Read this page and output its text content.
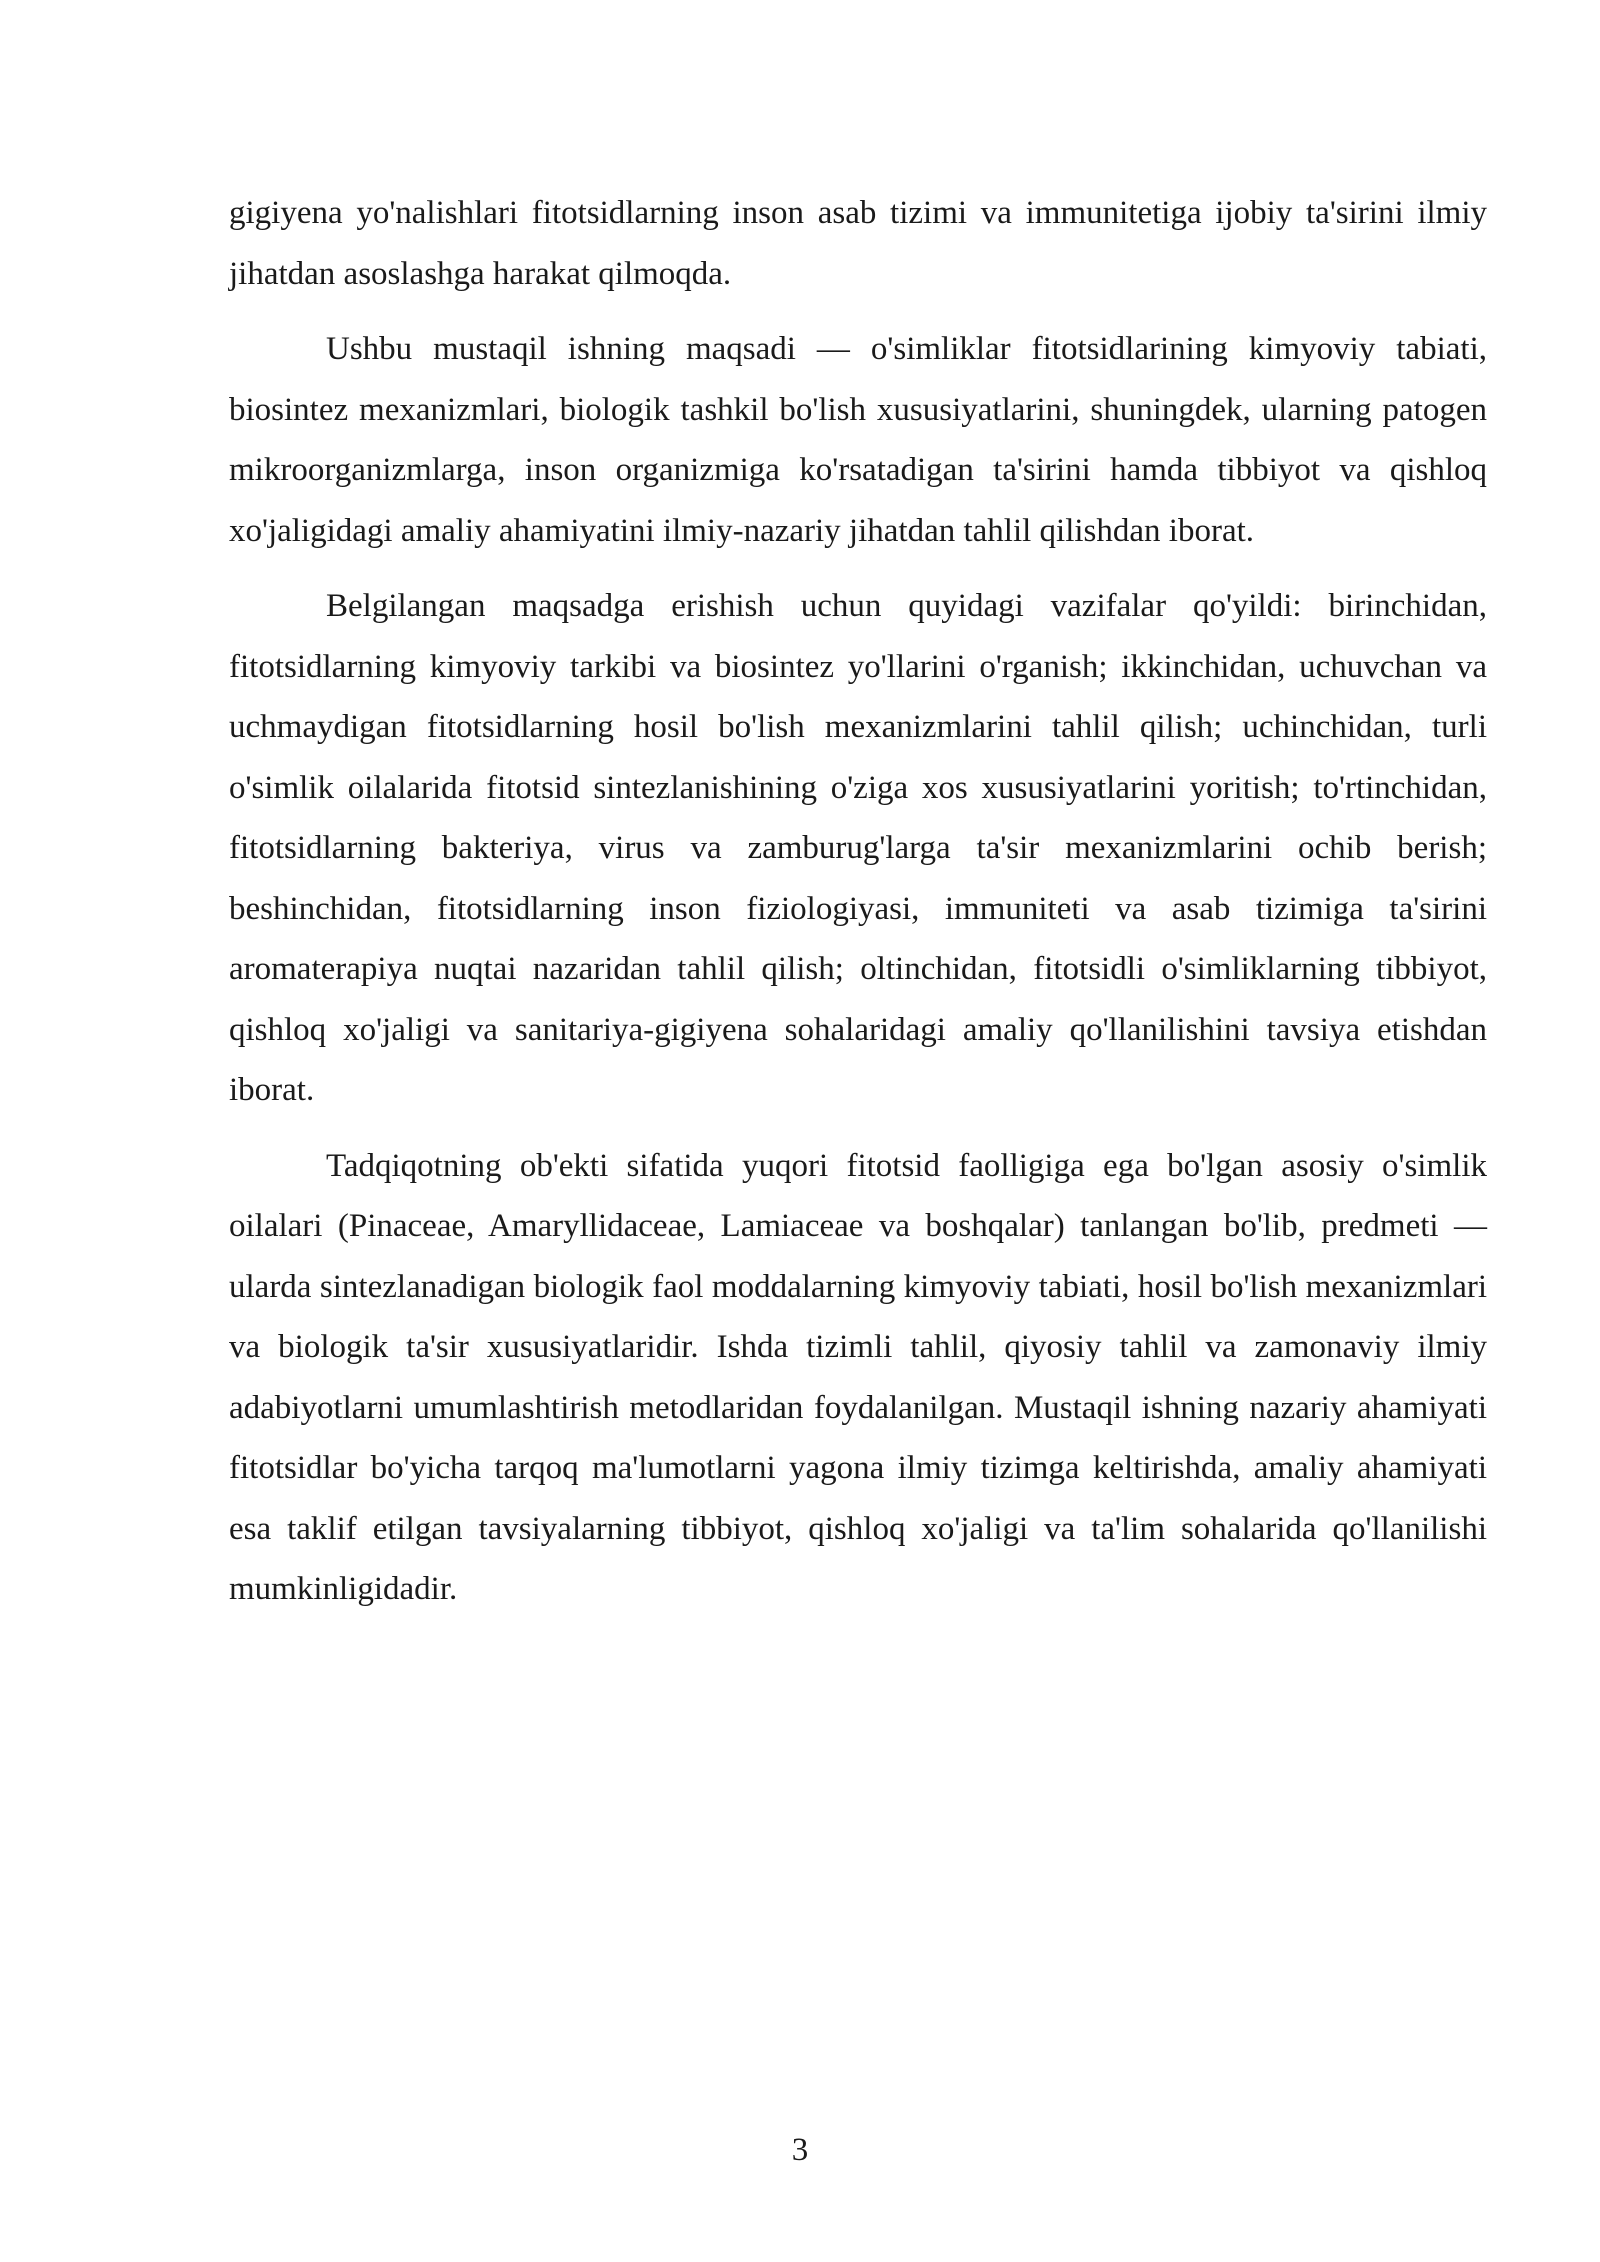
gigiyena yo'nalishlari fitotsidlarning inson asab tizimi va immunitetiga ijobiy ta'sirini ilmiy jihatdan asoslashga harakat qilmoqda.

Ushbu mustaqil ishning maqsadi — o'simliklar fitotsidlarining kimyoviy tabiati, biosintez mexanizmlari, biologik tashkil bo'lish xususiyatlarini, shuningdek, ularning patogen mikroorganizmlarga, inson organizmiga ko'rsatadigan ta'sirini hamda tibbiyot va qishloq xo'jaligidagi amaliy ahamiyatini ilmiy-nazariy jihatdan tahlil qilishdan iborat.

Belgilangan maqsadga erishish uchun quyidagi vazifalar qo'yildi: birinchidan, fitotsidlarning kimyoviy tarkibi va biosintez yo'llarini o'rganish; ikkinchidan, uchuvchan va uchmaydigan fitotsidlarning hosil bo'lish mexanizmlarini tahlil qilish; uchinchidan, turli o'simlik oilalarida fitotsid sintezlanishining o'ziga xos xususiyatlarini yoritish; to'rtinchidan, fitotsidlarning bakteriya, virus va zamburug'larga ta'sir mexanizmlarini ochib berish; beshinchidan, fitotsidlarning inson fiziologiyasi, immuniteti va asab tizimiga ta'sirini aromaterapiya nuqtai nazaridan tahlil qilish; oltinchidan, fitotsidli o'simliklarning tibbiyot, qishloq xo'jaligi va sanitariya-gigiyena sohalaridagi amaliy qo'llanilishini tavsiya etishdan iborat.

Tadqiqotning ob'ekti sifatida yuqori fitotsid faolligiga ega bo'lgan asosiy o'simlik oilalari (Pinaceae, Amaryllidaceae, Lamiaceae va boshqalar) tanlangan bo'lib, predmeti — ularda sintezlanadigan biologik faol moddalarning kimyoviy tabiati, hosil bo'lish mexanizmlari va biologik ta'sir xususiyatlaridir. Ishda tizimli tahlil, qiyosiy tahlil va zamonaviy ilmiy adabiyotlarni umumlashtirish metodlaridan foydalanilgan. Mustaqil ishning nazariy ahamiyati fitotsidlar bo'yicha tarqoq ma'lumotlarni yagona ilmiy tizimga keltirishda, amaliy ahamiyati esa taklif etilgan tavsiyalarning tibbiyot, qishloq xo'jaligi va ta'lim sohalarida qo'llanilishi mumkinligidadir.

3
